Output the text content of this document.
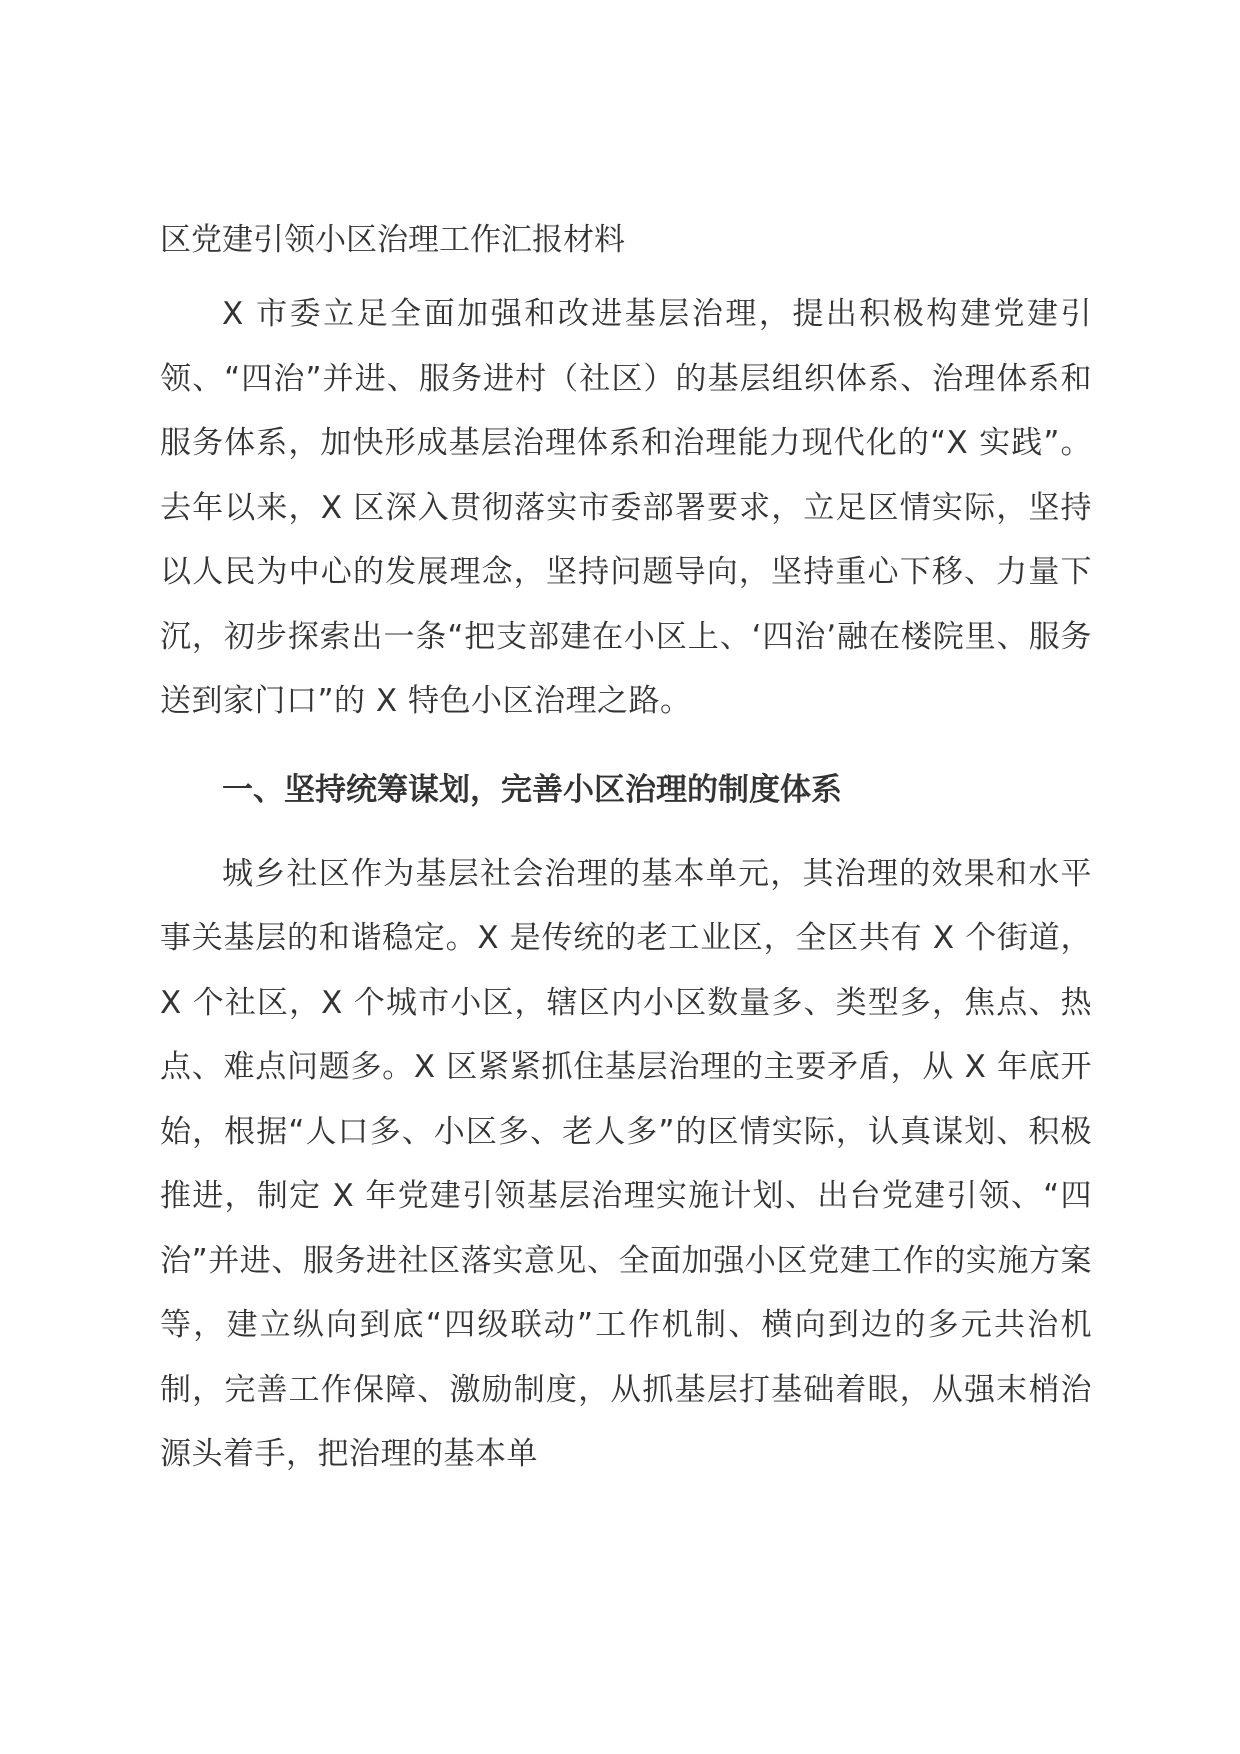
区党建引领小区治理工作汇报材料

X 市委立足全面加强和改进基层治理，提出积极构建党建引领、“四治”并进、服务进村（社区）的基层组织体系、治理体系和服务体系，加快形成基层治理体系和治理能力现代化的“X 实践”。去年以来，X 区深入贯彻落实市委部署要求，立足区情实际，坚持以人民为中心的发展理念，坚持问题导向，坚持重心下移、力量下沉，初步探索出一条“把支部建在小区上、‘四治’融在楼院里、服务送到家门口”的 X 特色小区治理之路。

一、坚持统筹谋划，完善小区治理的制度体系

城乡社区作为基层社会治理的基本单元，其治理的效果和水平事关基层的和谐稳定。X 是传统的老工业区，全区共有 X 个街道，X 个社区，X 个城市小区，辖区内小区数量多、类型多，焦点、热点、难点问题多。X 区紧紧抓住基层治理的主要矛盾，从 X 年底开始，根据“人口多、小区多、老人多”的区情实际，认真谋划、积极推进，制定 X 年党建引领基层治理实施计划、出台党建引领、“四治”并进、服务进社区落实意见、全面加强小区党建工作的实施方案等，建立纵向到底“四级联动”工作机制、横向到边的多元共治机制，完善工作保障、激励制度，从抓基层打基础着眼，从强末梢治源头着手，把治理的基本单
